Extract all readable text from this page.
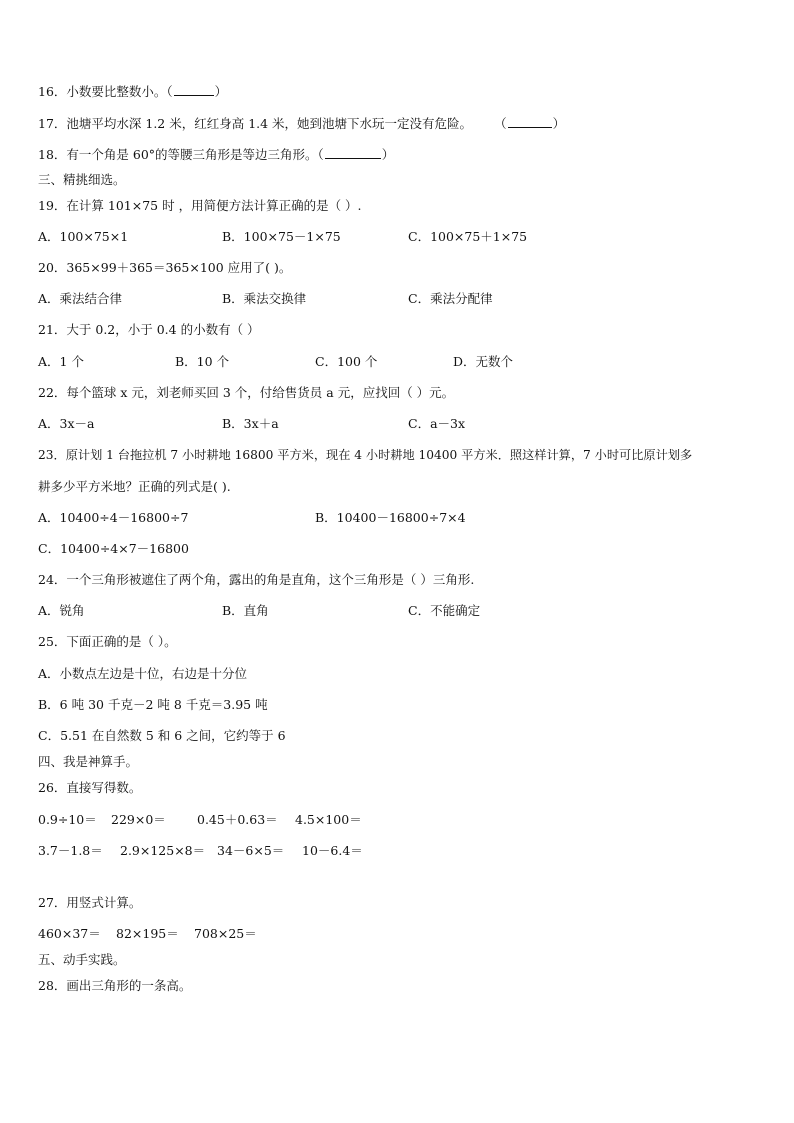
16．小数要比整数小。（	）
17．池塘平均水深 1.2 米，红红身高 1.4 米，她到池塘下水玩一定没有危险。 （	）
18．有一个角是 60°的等腰三角形是等边三角形。（	）
三、精挑细选。
19．在计算 101×75 时 ，用简便方法计算正确的是（ ）.
A．100×75×1	B．100×75－1×75	C．100×75＋1×75
20．365×99＋365＝365×100 应用了( )。
A．乘法结合律	B．乘法交换律	C．乘法分配律
21．大于 0.2，小于 0.4 的小数有（ ）
A．1 个	B．10 个	C．100 个	D．无数个
22．每个篮球 x 元，刘老师买回 3 个，付给售货员 a 元，应找回（ ）元。
A．3x－a	B．3x＋a	C．a－3x
23．原计划 1 台拖拉机 7 小时耕地 16800 平方米，现在 4 小时耕地 10400 平方米．照这样计算，7 小时可比原计划多
耕多少平方米地？正确的列式是( ).
A．10400÷4－16800÷7	B．10400－16800÷7×4
C．10400÷4×7－16800
24．一个三角形被遮住了两个角，露出的角是直角，这个三角形是（ ）三角形.
A．锐角	B．直角	C．不能确定
25．下面正确的是（ ）。
A．小数点左边是十位，右边是十分位
B．6 吨 30 千克－2 吨 8 千克＝3.95 吨
C．5.51 在自然数 5 和 6 之间，它约等于 6
四、我是神算手。
26．直接写得数。
0.9÷10＝ 229×0＝ 0.45＋0.63＝ 4.5×100＝
3.7－1.8＝ 2.9×125×8＝ 34－6×5＝ 10－6.4＝
27．用竖式计算。
460×37＝ 82×195＝ 708×25＝
五、动手实践。
28．画出三角形的一条高。
